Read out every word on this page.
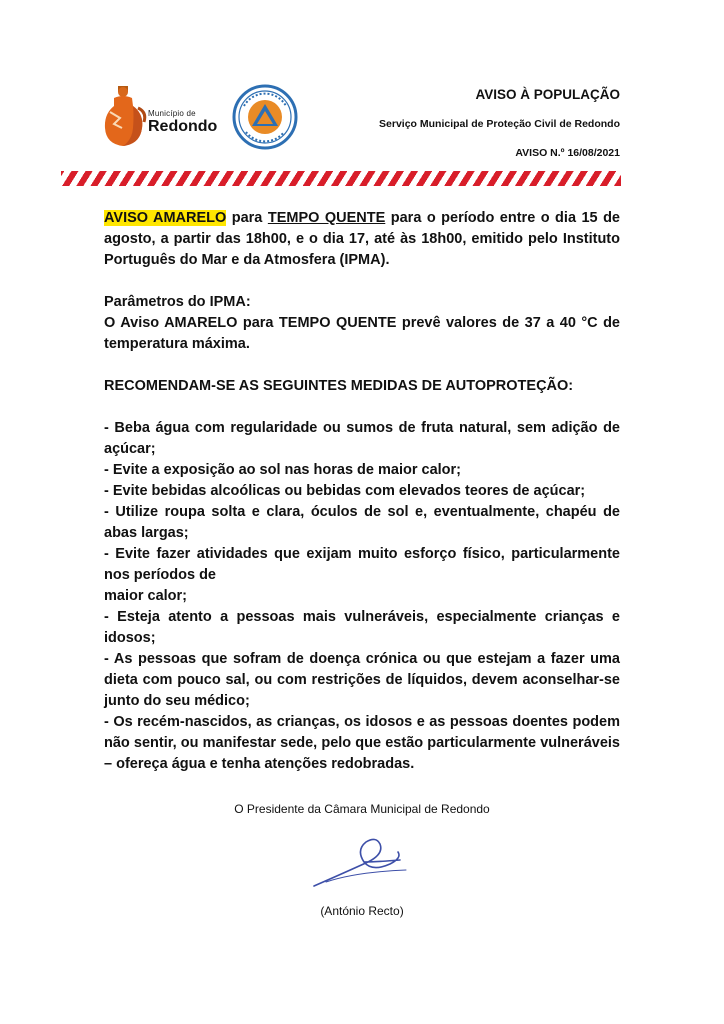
Município de
Redondo
AVISO À POPULAÇÃO
Serviço Municipal de Proteção Civil de Redondo
AVISO N.º 16/08/2021

AVISO AMARELO para TEMPO QUENTE para o período entre o dia 15 de agosto, a partir das 18h00, e o dia 17, até às 18h00, emitido pelo Instituto Português do Mar e da Atmosfera (IPMA).

Parâmetros do IPMA:

O Aviso AMARELO para TEMPO QUENTE prevê valores de 37 a 40 °C de temperatura máxima.

RECOMENDAM-SE AS SEGUINTES MEDIDAS DE AUTOPROTEÇÃO:

- Beba água com regularidade ou sumos de fruta natural, sem adição de açúcar;

- Evite a exposição ao sol nas horas de maior calor;

- Evite bebidas alcoólicas ou bebidas com elevados teores de açúcar;

- Utilize roupa solta e clara, óculos de sol e, eventualmente, chapéu de abas largas;

- Evite fazer atividades que exijam muito esforço físico, particularmente nos períodos de

maior calor;

- Esteja atento a pessoas mais vulneráveis, especialmente crianças e idosos;

- As pessoas que sofram de doença crónica ou que estejam a fazer uma dieta com pouco sal, ou com restrições de líquidos, devem aconselhar-se junto do seu médico;

- Os recém-nascidos, as crianças, os idosos e as pessoas doentes podem não sentir, ou manifestar sede, pelo que estão particularmente vulneráveis – ofereça água e tenha atenções redobradas.

O Presidente da Câmara Municipal de Redondo
(António Recto)
